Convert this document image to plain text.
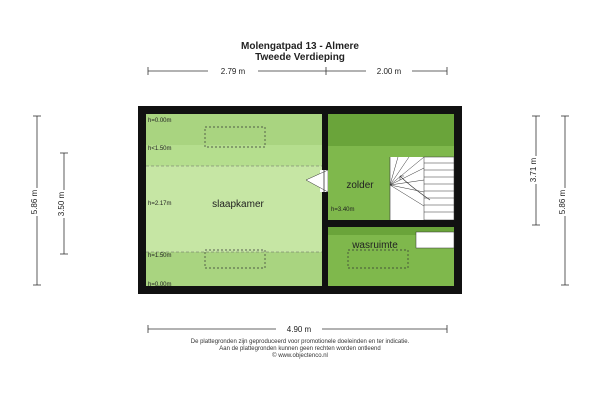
Molengatpad 13 - Almere
Tweede Verdieping
2.79 m	2.00 m
5.86 m 3.50 m
3.71 m
5.86 m
4.90 m
slaapkamer
h=0.00m
h<1.50m
h=2.17m
h=1.50m
h=0.00m
zolder
h=3.40m
wasruimte
De plattegronden zijn geproduceerd voor promotionele doeleinden en ter indicatie.
Aan de plattegronden kunnen geen rechten worden ontleend
© www.objectenco.nl
